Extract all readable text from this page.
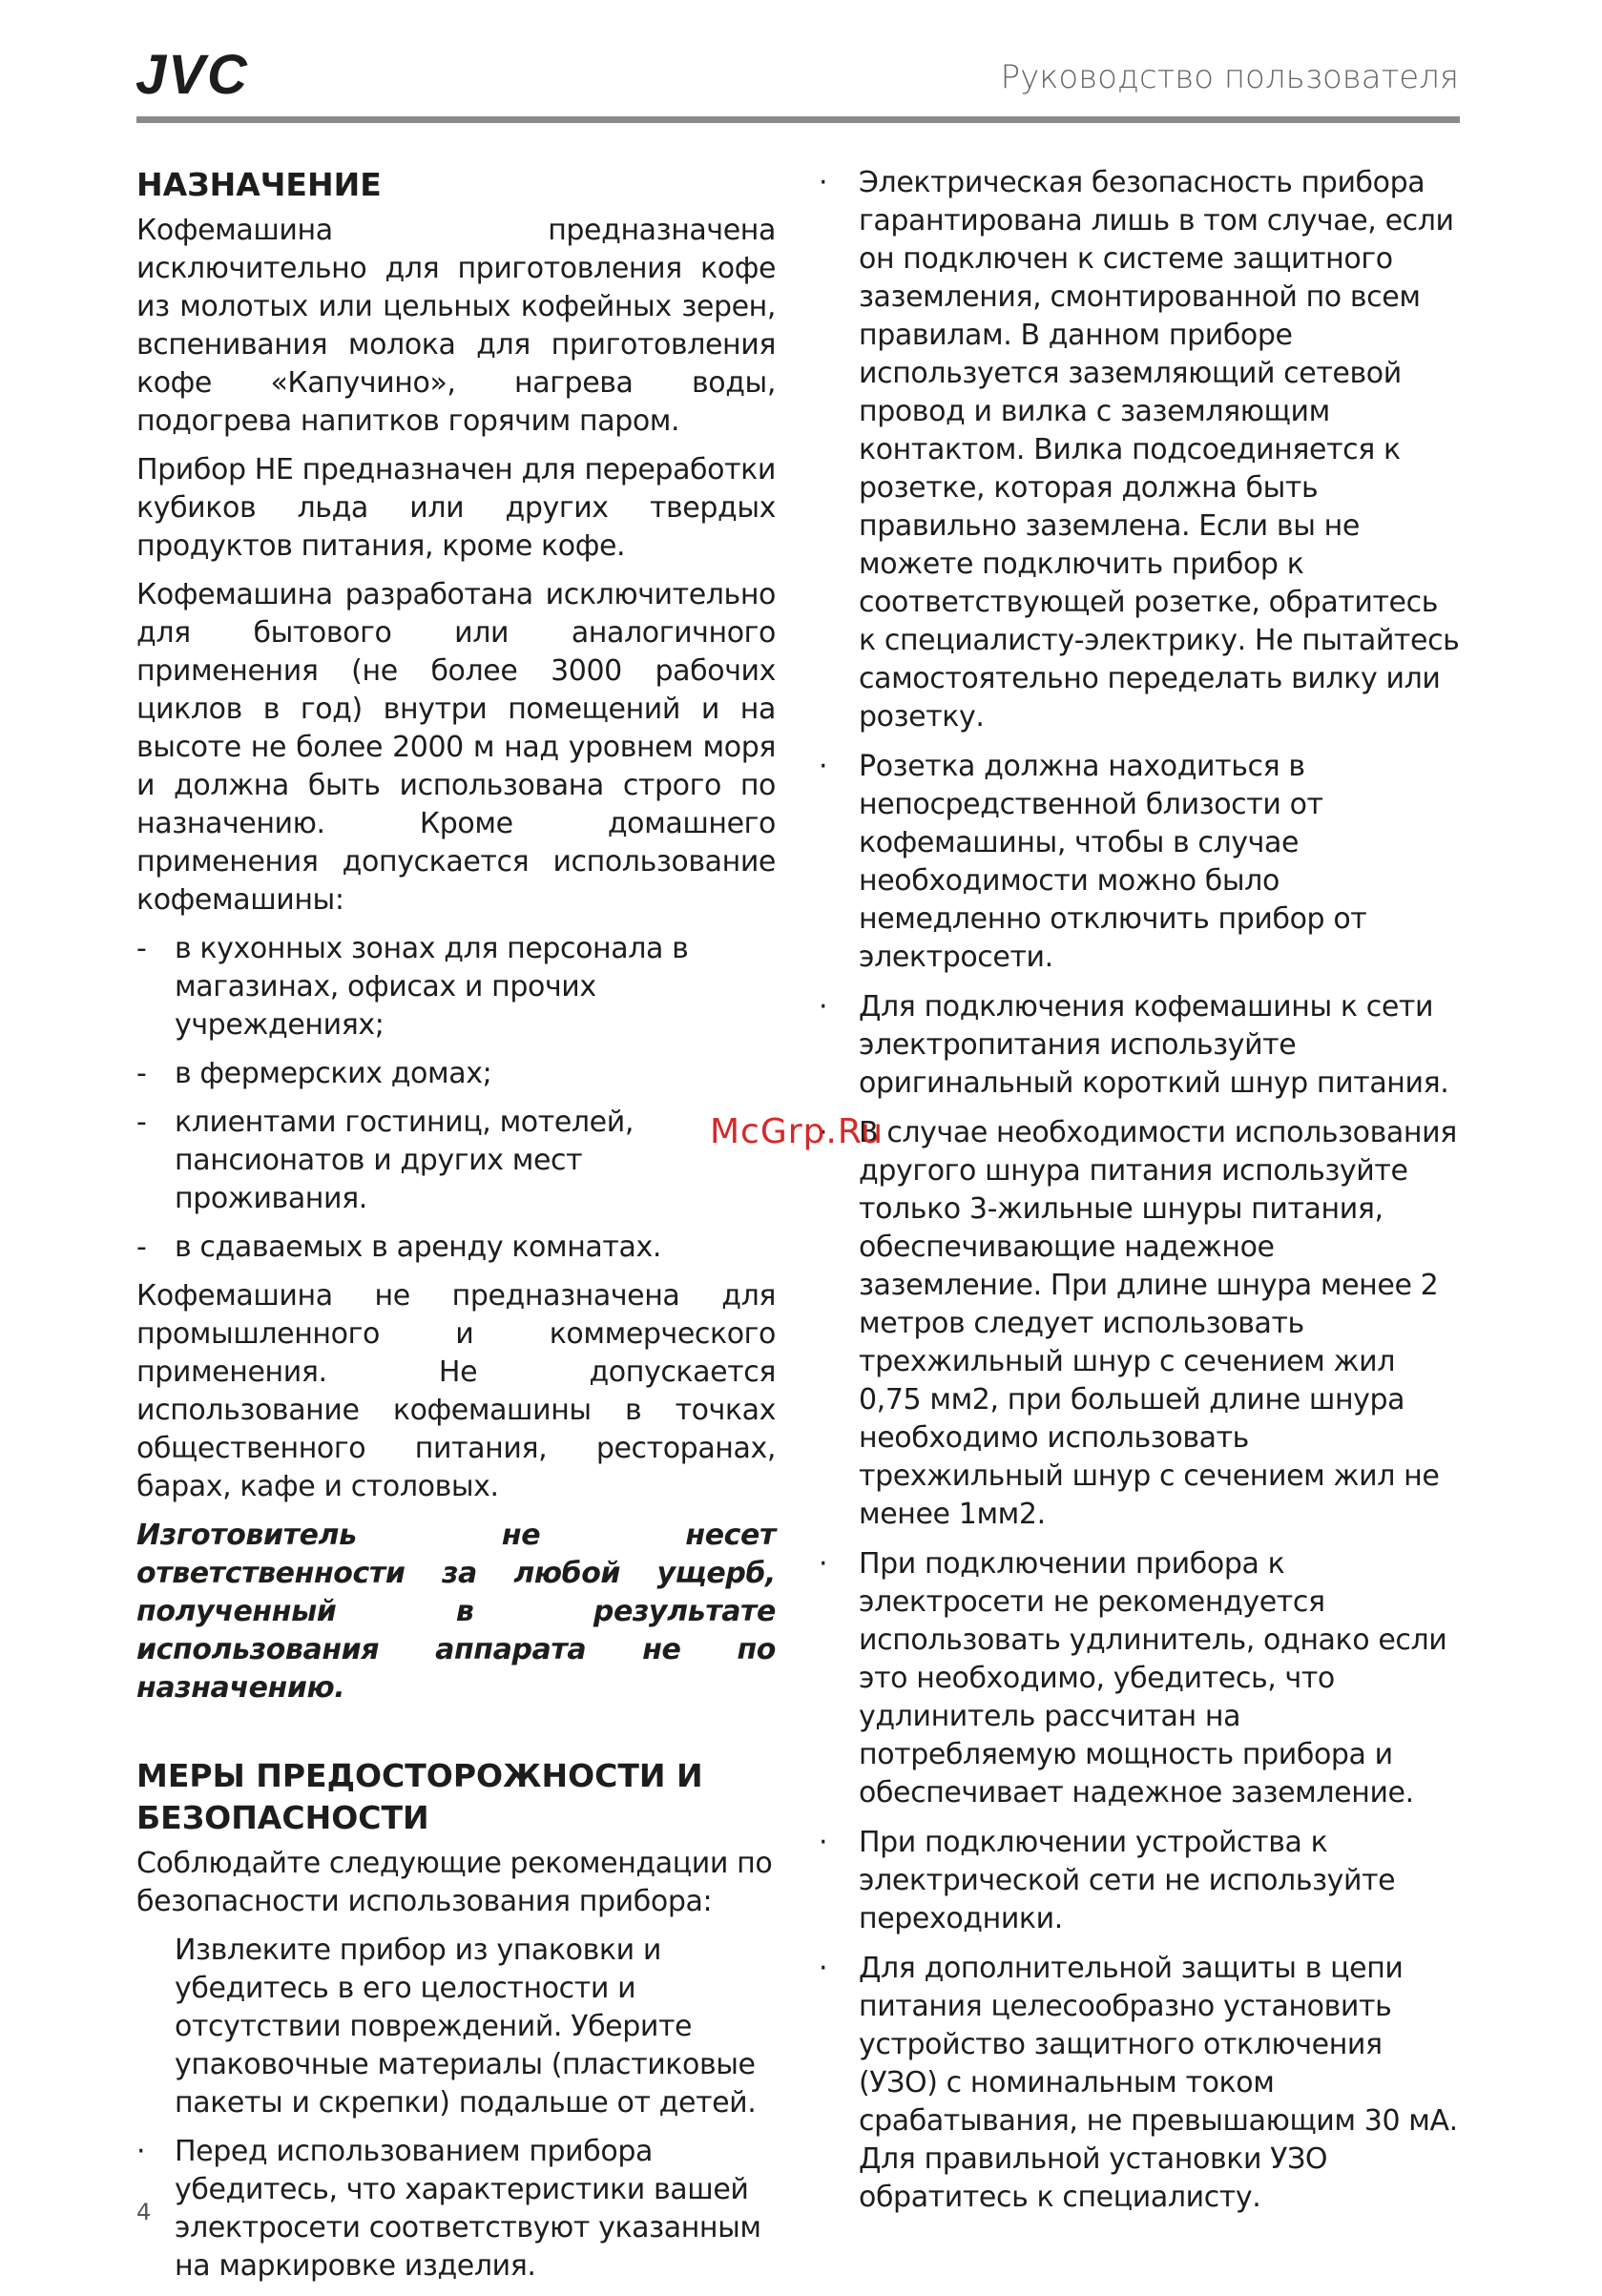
JVC	Руководство пользователя
НАЗНАЧЕНИЕ

Кофемашина предназначена исключительно для приготовления кофе из молотых или цельных кофейных зерен, вспенивания молока для приготовления кофе «Капучино», нагрева воды, подогрева напитков горячим паром.

Прибор НЕ предназначен для переработки кубиков льда или других твердых продуктов питания, кроме кофе.

Кофемашина разработана исключительно для бытового или аналогичного применения (не более 3000 рабочих циклов в год) внутри помещений и на высоте не более 2000 м над уровнем моря и должна быть использована строго по назначению. Кроме домашнего применения допускается использование кофемашины:

- в кухонных зонах для персонала в магазинах, офисах и прочих учреждениях;
- в фермерских домах;
- клиентами гостиниц, мотелей, пансионатов и других мест проживания.
- в сдаваемых в аренду комнатах.

Кофемашина не предназначена для промышленного и коммерческого применения. Не допускается использование кофемашины в точках общественного питания, ресторанах, барах, кафе и столовых.

Изготовитель не несет ответственности за любой ущерб, полученный в результате использования аппарата не по назначению.

МЕРЫ ПРЕДОСТОРОЖНОСТИ И БЕЗОПАСНОСТИ

Соблюдайте следующие рекомендации по безопасности использования прибора:

Извлеките прибор из упаковки и убедитесь в его целостности и отсутствии повреждений. Уберите упаковочные материалы (пластиковые пакеты и скрепки) подальше от детей.
· Перед использованием прибора убедитесь, что характеристики вашей электросети соответствуют указанным на маркировке изделия.
· Электрическая безопасность прибора гарантирована лишь в том случае, если он подключен к системе защитного заземления, смонтированной по всем правилам. В данном приборе используется заземляющий сетевой провод и вилка с заземляющим контактом. Вилка подсоединяется к розетке, которая должна быть правильно заземлена. Если вы не можете подключить прибор к соответствующей розетке, обратитесь к специалисту-электрику. Не пытайтесь самостоятельно переделать вилку или розетку.
· Розетка должна находиться в непосредственной близости от кофемашины, чтобы в случае необходимости можно было немедленно отключить прибор от электросети.
· Для подключения кофемашины к сети электропитания используйте оригинальный короткий шнур питания.
· В случае необходимости использования другого шнура питания используйте только 3-жильные шнуры питания, обеспечивающие надежное заземление. При длине шнура менее 2 метров следует использовать трехжильный шнур с сечением жил 0,75 мм2, при большей длине шнура необходимо использовать трехжильный шнур с сечением жил не менее 1мм2.
· При подключении прибора к электросети не рекомендуется использовать удлинитель, однако если это необходимо, убедитесь, что удлинитель рассчитан на потребляемую мощность прибора и обеспечивает надежное заземление.
· При подключении устройства к электрической сети не используйте переходники.
· Для дополнительной защиты в цепи питания целесообразно установить устройство защитного отключения (УЗО) с номинальным током срабатывания, не превышающим 30 мА. Для правильной установки УЗО обратитесь к специалисту.
McGrp.Ru
4
